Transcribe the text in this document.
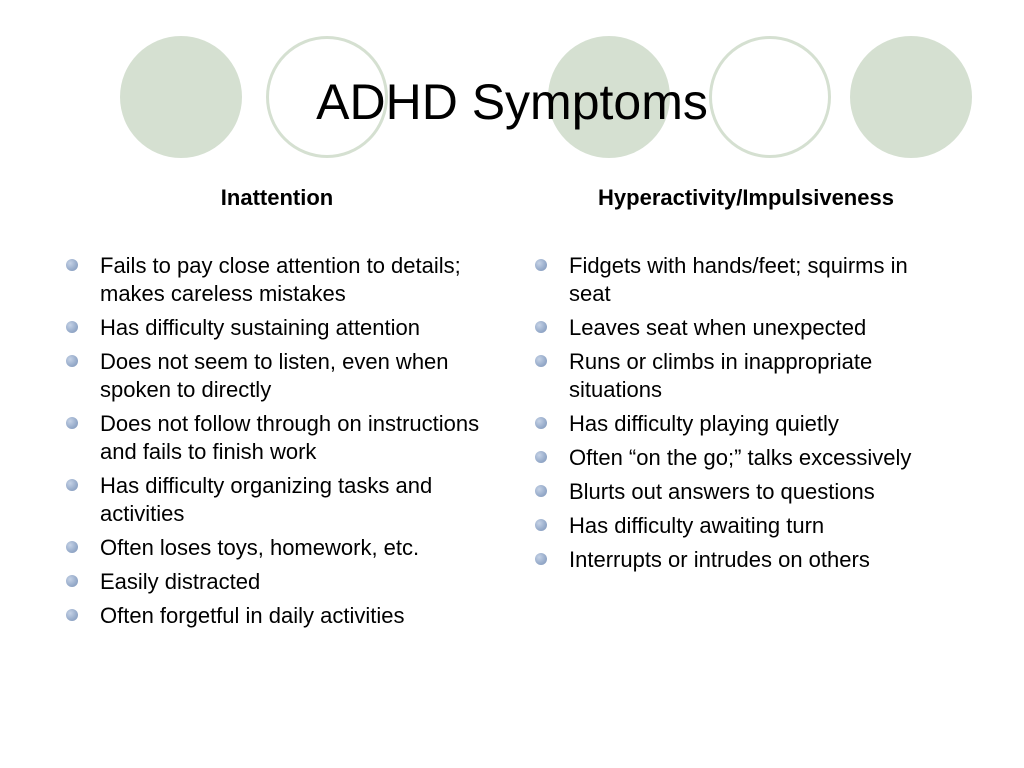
ADHD Symptoms
Inattention	Hyperactivity/Impulsiveness
Fails to pay close attention to details; makes careless mistakes
Has difficulty sustaining attention
Does not seem to listen, even when spoken to directly
Does not follow through on instructions and fails to finish work
Has difficulty organizing tasks and activities
Often loses toys, homework, etc.
Easily distracted
Often forgetful in daily activities
Fidgets with hands/feet; squirms in seat
Leaves seat when unexpected
Runs or climbs in inappropriate situations
Has difficulty playing quietly
Often “on the go;” talks excessively
Blurts out answers to questions
Has difficulty awaiting turn
Interrupts or intrudes on others
